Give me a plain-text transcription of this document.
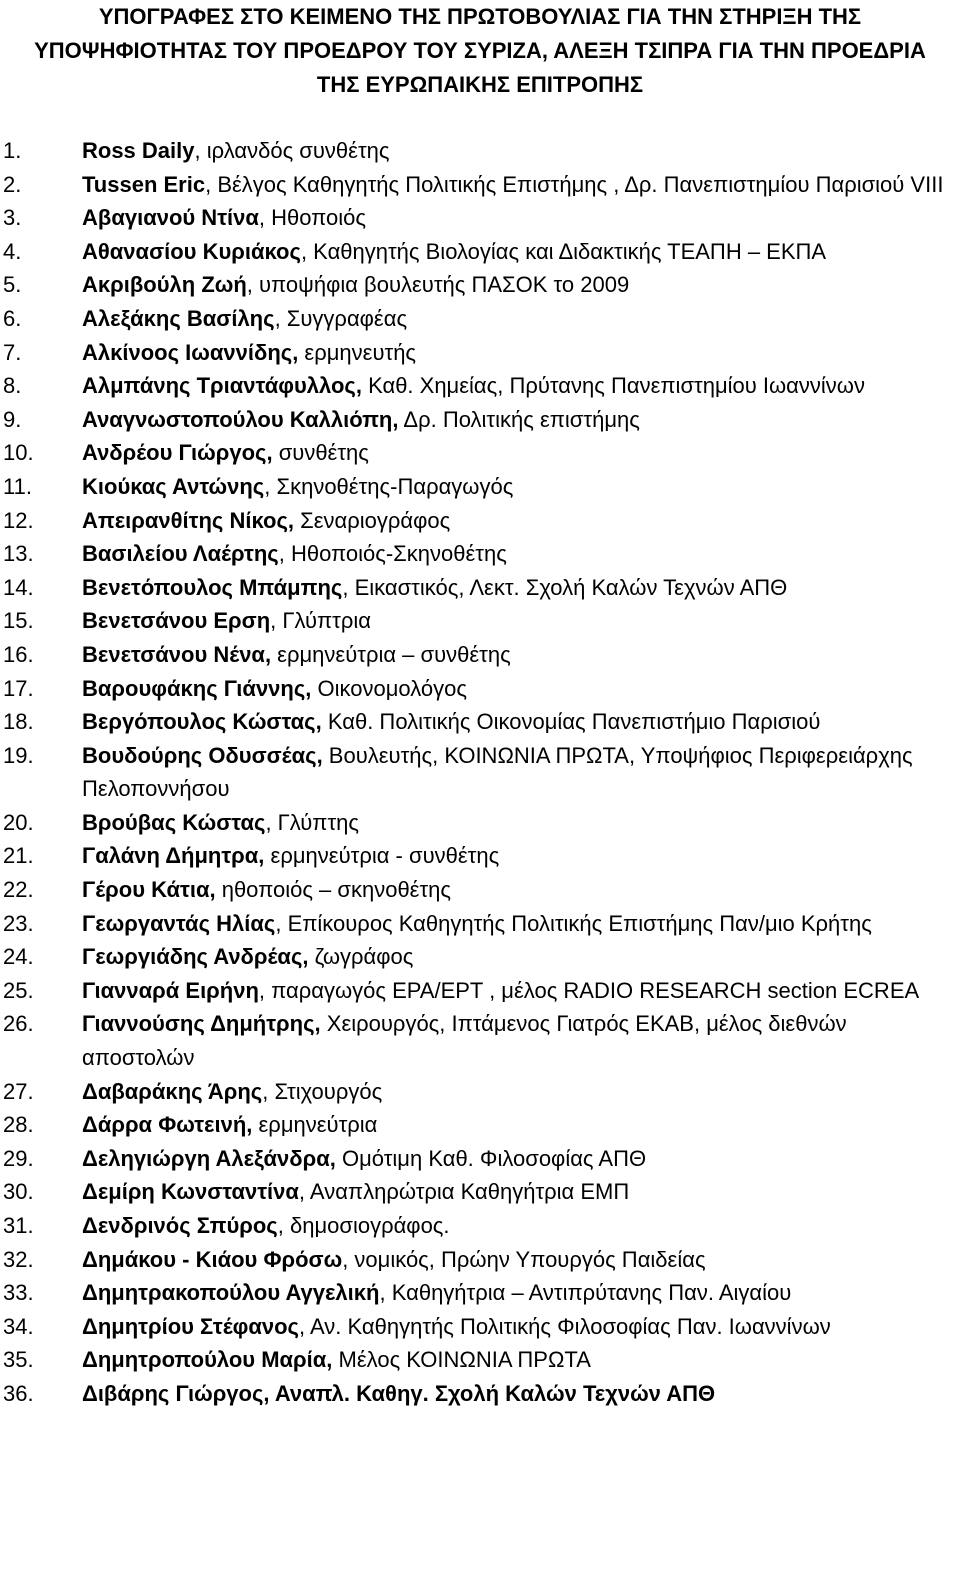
ΥΠΟΓΡΑΦΕΣ ΣΤΟ ΚΕΙΜΕΝΟ ΤΗΣ ΠΡΩΤΟΒΟΥΛΙΑΣ ΓΙΑ ΤΗΝ ΣΤΗΡΙΞΗ ΤΗΣ
ΥΠΟΨΗΦΙΟΤΗΤΑΣ ΤΟΥ ΠΡΟΕΔΡΟΥ ΤΟΥ ΣΥΡΙΖΑ, ΑΛΕΞΗ ΤΣΙΠΡΑ ΓΙΑ ΤΗΝ ΠΡΟΕΔΡΙΑ
ΤΗΣ ΕΥΡΩΠΑΙΚΗΣ ΕΠΙΤΡΟΠΗΣ
1.	Ross Daily, ιρλανδός συνθέτης
2.	Tussen Eric, Βέλγος Καθηγητής Πολιτικής Επιστήμης , Δρ. Πανεπιστημίου Παρισιού VIII
3.	Αβαγιανού Ντίνα, Ηθοποιός
4.	Αθανασίου Κυριάκος, Καθηγητής Βιολογίας και Διδακτικής ΤΕΑΠΗ – ΕΚΠΑ
5.	Ακριβούλη Ζωή, υποψήφια βουλευτής ΠΑΣΟΚ το 2009
6.	Αλεξάκης Βασίλης, Συγγραφέας
7.	Αλκίνοος Ιωαννίδης, ερμηνευτής
8.	Αλμπάνης Τριαντάφυλλος, Καθ. Χημείας, Πρύτανης Πανεπιστημίου Ιωαννίνων
9.	Αναγνωστοπούλου Καλλιόπη, Δρ. Πολιτικής επιστήμης
10.	Ανδρέου Γιώργος, συνθέτης
11.	Κιούκας Αντώνης, Σκηνοθέτης-Παραγωγός
12.	Απειρανθίτης Νίκος, Σεναριογράφος
13.	Βασιλείου Λαέρτης, Ηθοποιός-Σκηνοθέτης
14.	Βενετόπουλος Μπάμπης, Εικαστικός, Λεκτ. Σχολή Καλών Τεχνών ΑΠΘ
15.	Βενετσάνου Ερση, Γλύπτρια
16.	Βενετσάνου Νένα, ερμηνεύτρια – συνθέτης
17.	Βαρουφάκης Γιάννης, Οικονομολόγος
18.	Βεργόπουλος Κώστας, Καθ. Πολιτικής Οικονομίας Πανεπιστήμιο Παρισιού
19.	Βουδούρης Οδυσσέας, Βουλευτής, ΚΟΙΝΩΝΙΑ ΠΡΩΤΑ, Υποψήφιος Περιφερειάρχης Πελοποννήσου
20.	Βρούβας Κώστας, Γλύπτης
21.	Γαλάνη Δήμητρα, ερμηνεύτρια - συνθέτης
22.	Γέρου Κάτια, ηθοποιός – σκηνοθέτης
23.	Γεωργαντάς Ηλίας, Επίκουρος Καθηγητής Πολιτικής Επιστήμης Παν/μιο Κρήτης
24.	Γεωργιάδης Ανδρέας, ζωγράφος
25.	Γιανναρά Ειρήνη, παραγωγός ΕΡΑ/ΕΡΤ , μέλος RADIO RESEARCH section ECREA
26.	Γιαννούσης Δημήτρης, Χειρουργός, Ιπτάμενος Γιατρός ΕΚΑΒ, μέλος διεθνών αποστολών
27.	Δαβαράκης Άρης, Στιχουργός
28.	Δάρρα Φωτεινή, ερμηνεύτρια
29.	Δεληγιώργη Αλεξάνδρα, Ομότιμη Καθ. Φιλοσοφίας ΑΠΘ
30.	Δεμίρη Κωνσταντίνα, Αναπληρώτρια Καθηγήτρια ΕΜΠ
31.	Δενδρινός Σπύρος, δημοσιογράφος.
32.	Δημάκου - Κιάου Φρόσω, νομικός, Πρώην Υπουργός Παιδείας
33.	Δημητρακοπούλου Αγγελική, Καθηγήτρια – Αντιπρύτανης Παν. Αιγαίου
34.	Δημητρίου Στέφανος, Αν. Καθηγητής Πολιτικής Φιλοσοφίας Παν. Ιωαννίνων
35.	Δημητροπούλου Μαρία, Μέλος ΚΟΙΝΩΝΙΑ ΠΡΩΤΑ
36.	Διβάρης Γιώργος, Αναπλ. Καθηγ. Σχολή Καλών Τεχνών ΑΠΘ
